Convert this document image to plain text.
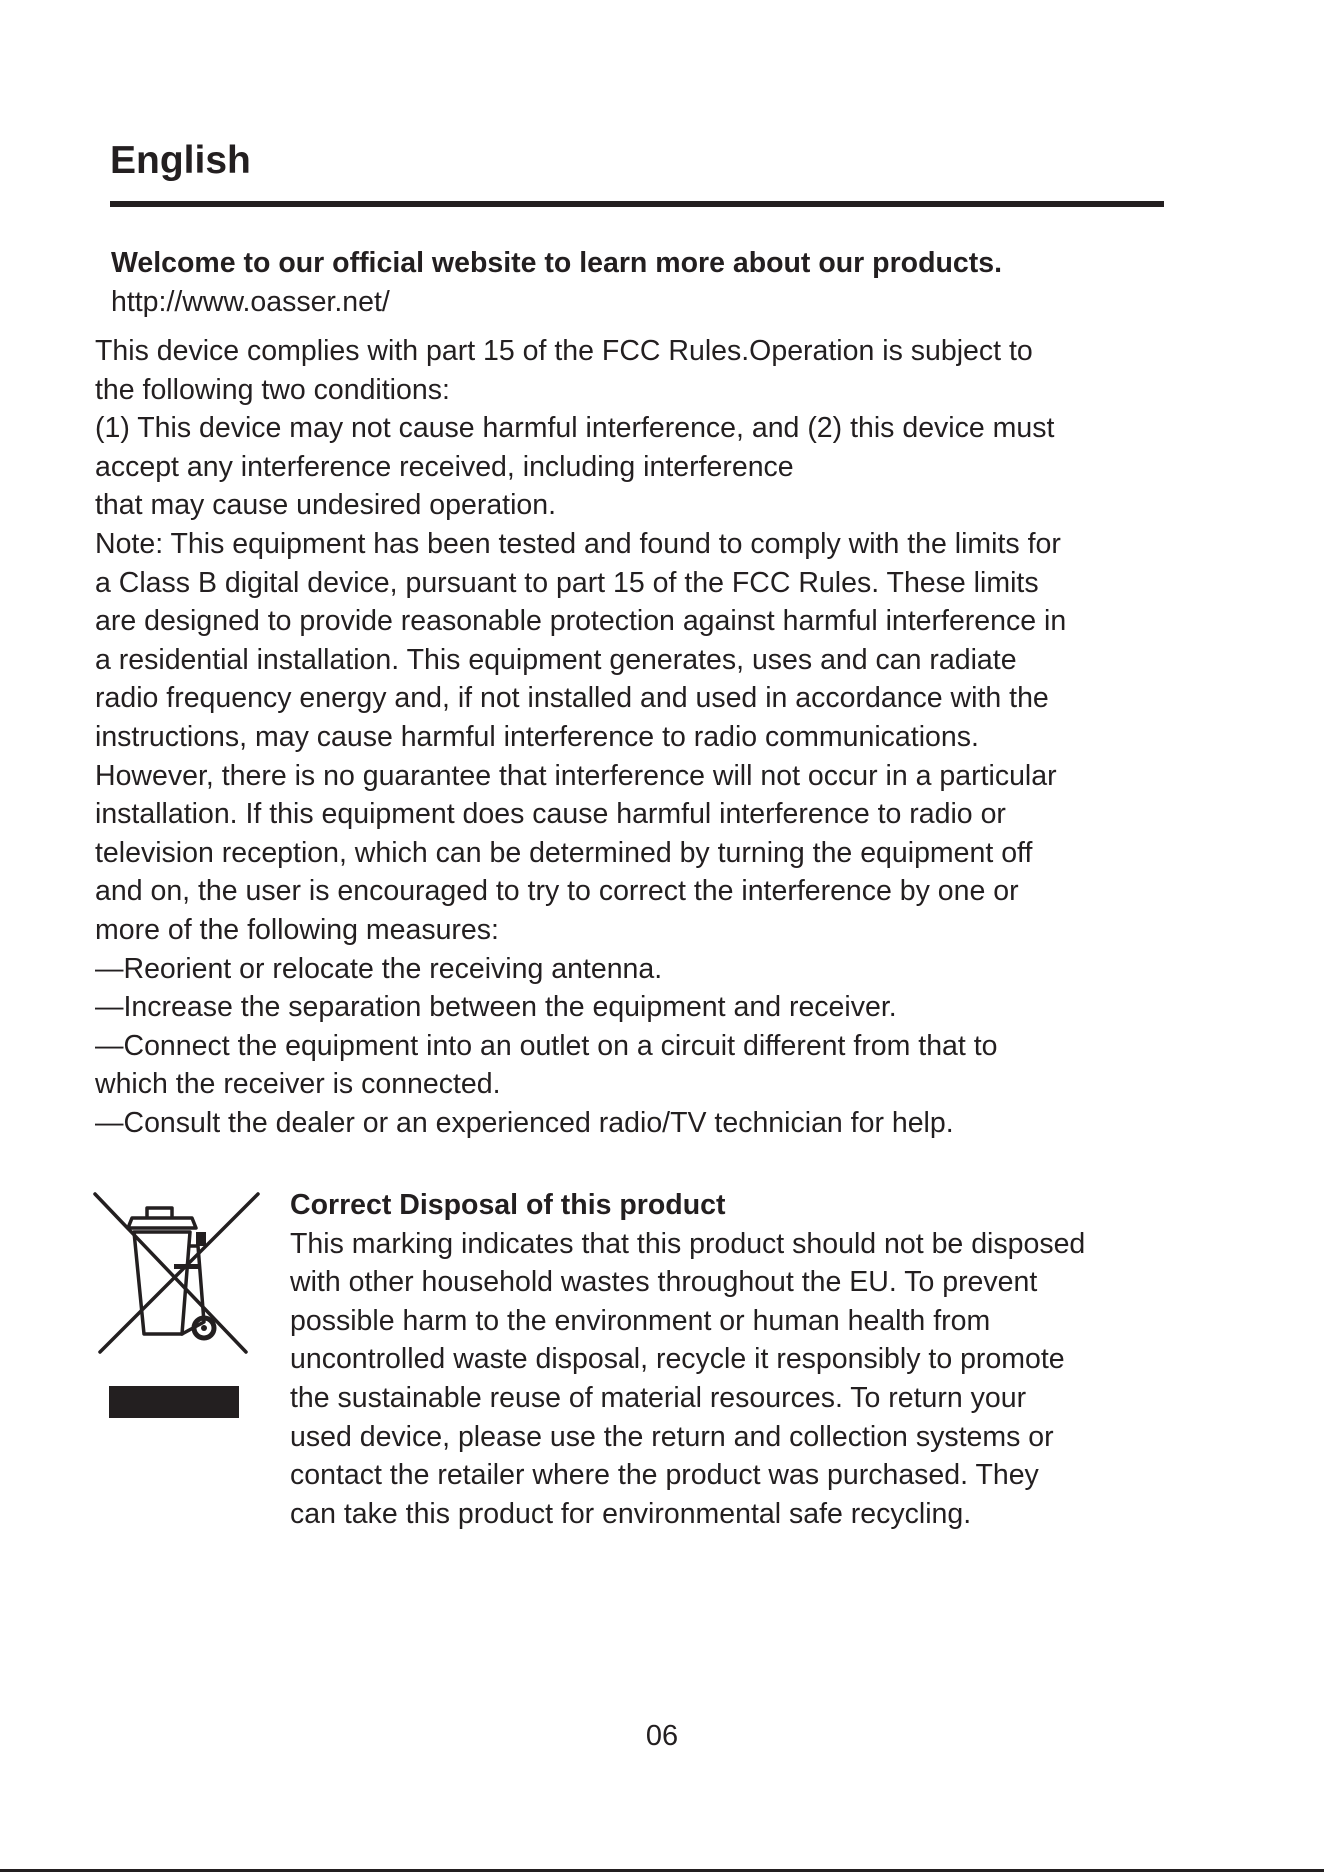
English

Welcome to our official website to learn more about our products.

http://www.oasser.net/

This device complies with part 15 of the FCC Rules.Operation is subject to
the following two conditions:
(1) This device may not cause harmful interference, and (2) this device must
accept any interference received, including interference
that may cause undesired operation.
Note: This equipment has been tested and found to comply with the limits for
a Class B digital device, pursuant to part 15 of the FCC Rules. These limits
are designed to provide reasonable protection against harmful interference in
a residential installation. This equipment generates, uses and can radiate
radio frequency energy and, if not installed and used in accordance with the
instructions, may cause harmful interference to radio communications.
However, there is no guarantee that interference will not occur in a particular
installation. If this equipment does cause harmful interference to radio or
television reception, which can be determined by turning the equipment off
and on, the user is encouraged to try to correct the interference by one or
more of the following measures:
—Reorient or relocate the receiving antenna.
—Increase the separation between the equipment and receiver.
—Connect the equipment into an outlet on a circuit different from that to
which the receiver is connected.
—Consult the dealer or an experienced radio/TV technician for help.
Correct Disposal of this product
This marking indicates that this product should not be disposed
with other household wastes throughout the EU. To prevent
possible harm to the environment or human health from
uncontrolled waste disposal, recycle it responsibly to promote
the sustainable reuse of material resources. To return your
used device, please use the return and collection systems or
contact the retailer where the product was purchased. They
can take this product for environmental safe recycling.
06
